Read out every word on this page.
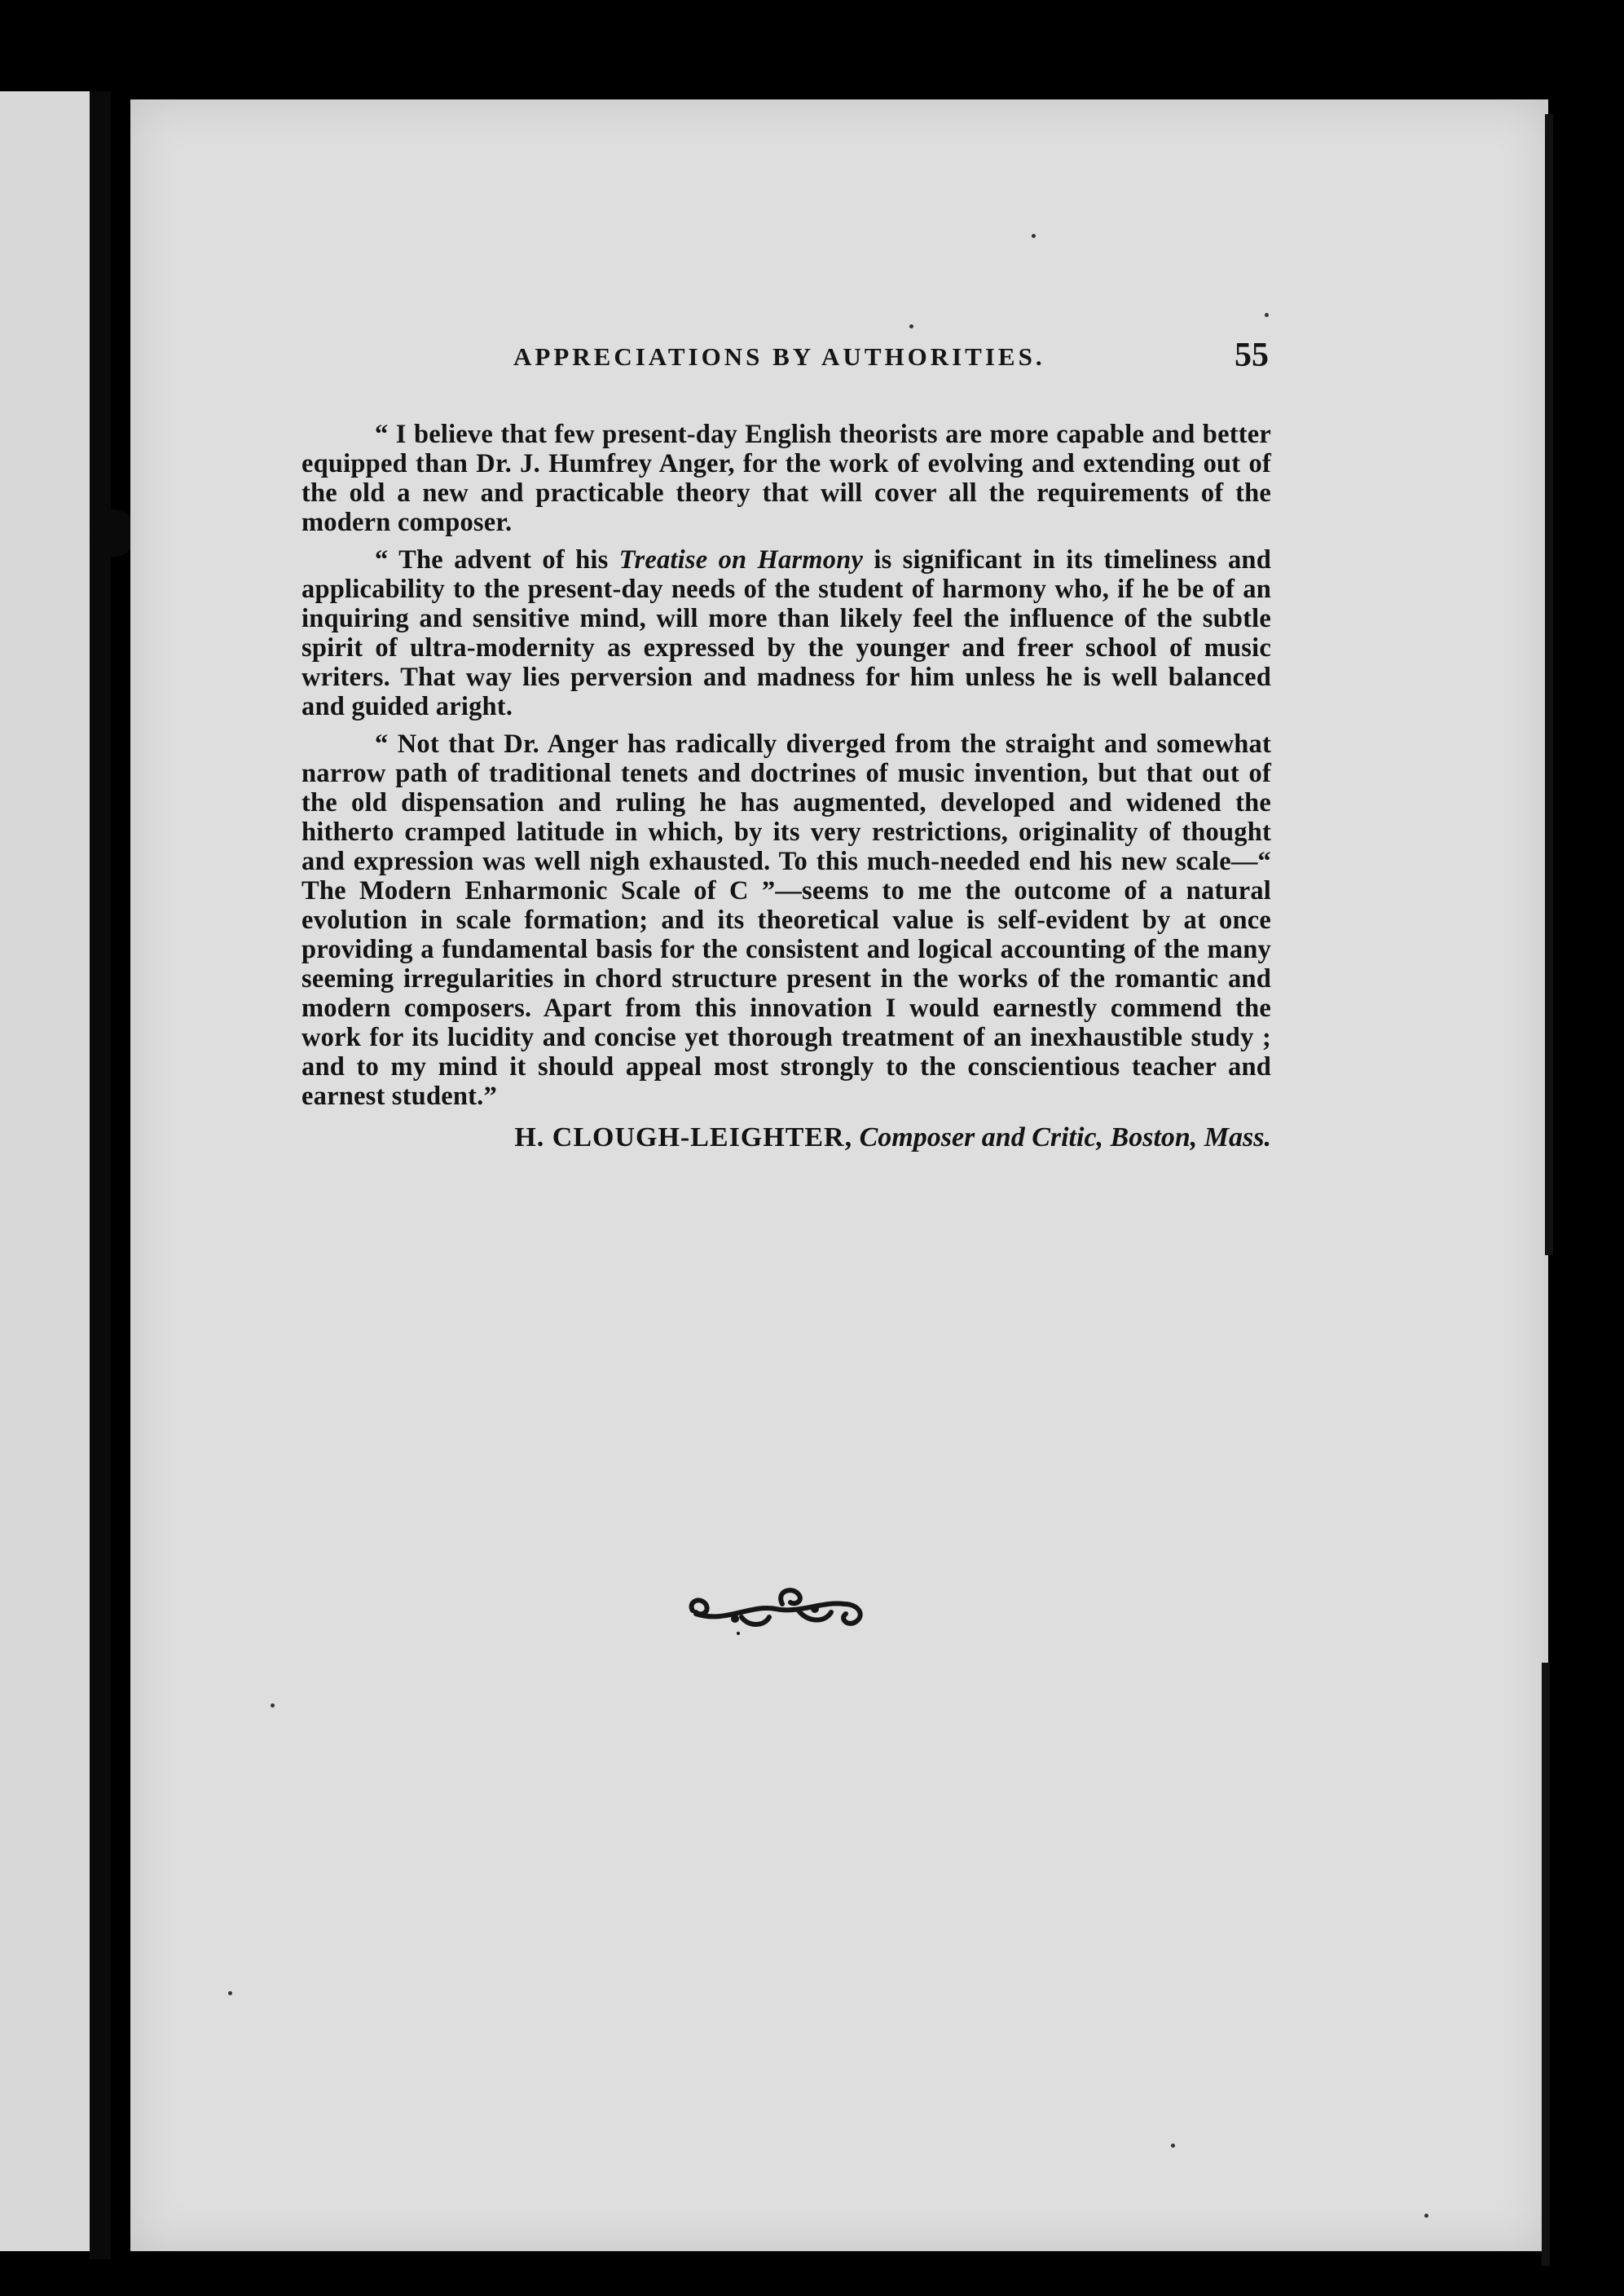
APPRECIATIONS BY AUTHORITIES.	55

“ I believe that few present-day English theorists are more capable and better equipped than Dr. J. Humfrey Anger, for the work of evolving and extending out of the old a new and practicable theory that will cover all the requirements of the modern composer.

“ The advent of his Treatise on Harmony is significant in its timeliness and applicability to the present-day needs of the student of harmony who, if he be of an inquiring and sensitive mind, will more than likely feel the influence of the subtle spirit of ultra-modernity as expressed by the younger and freer school of music writers. That way lies perversion and madness for him unless he is well balanced and guided aright.

“ Not that Dr. Anger has radically diverged from the straight and somewhat narrow path of traditional tenets and doctrines of music invention, but that out of the old dispensation and ruling he has augmented, developed and widened the hitherto cramped latitude in which, by its very restrictions, originality of thought and expression was well nigh exhausted. To this much-needed end his new scale—“ The Modern Enharmonic Scale of C ”—seems to me the outcome of a natural evolution in scale formation; and its theoretical value is self-evident by at once providing a fundamental basis for the consistent and logical accounting of the many seeming irregularities in chord structure present in the works of the romantic and modern composers. Apart from this innovation I would earnestly commend the work for its lucidity and concise yet thorough treatment of an inexhaustible study ; and to my mind it should appeal most strongly to the conscientious teacher and earnest student.”

H. CLOUGH-LEIGHTER, Composer and Critic, Boston, Mass.
